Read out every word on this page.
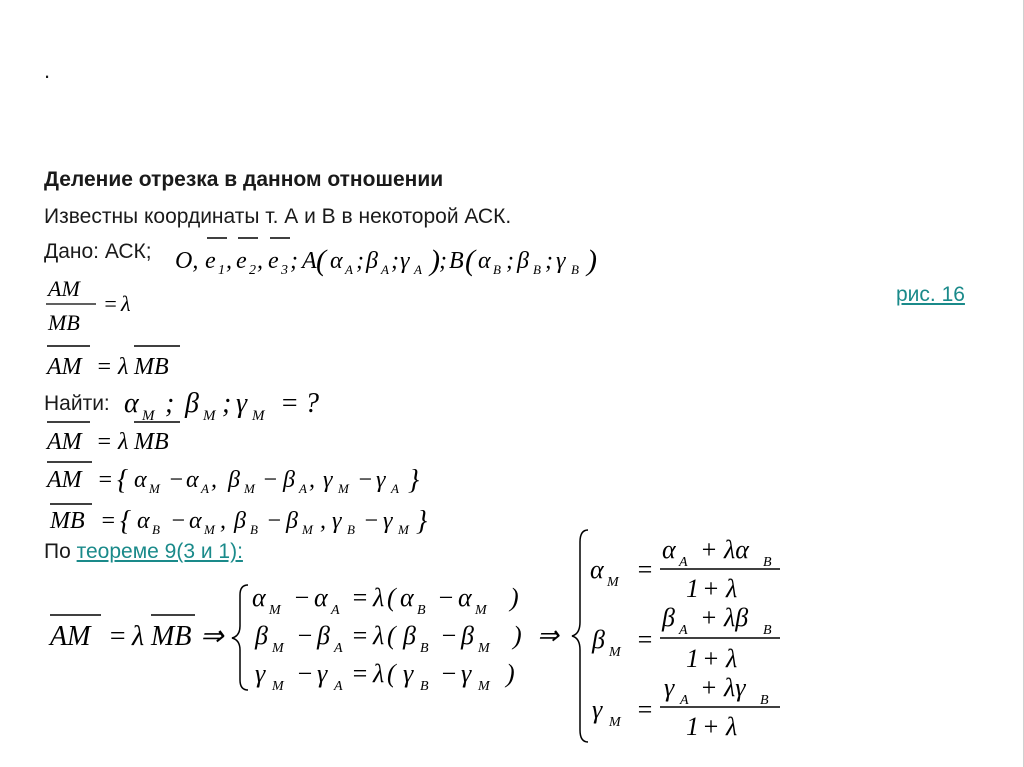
.
Деление отрезка в данном отношении
Известны координаты т. А и В в некоторой АСК.
Дано: АСК;
Найти:
По теореме 9(3 и 1):
рис. 16
O, e 1 , e 2 , e 3 ; A ( α A ; β A ; γ A ) ; B ( α B ; β B ; γ B )
AM
MB
= λ
AM = λ MB
α M ; β M ; γ M = ?
AM = λ MB
AM = { α M − α A , β M − β A , γ M − γ A }
MB = { α B − α M , β B − β M , γ B − γ M }
AM = λ MB ⇒
α M − α A = λ ( α B − α M )
β M − β A = λ ( β B − β M ) ⇒
γ M − γ A = λ ( γ B − γ M )
α M =
α A + λα B
1 + λ
β M =
β A + λβ B
1 + λ
γ M =
γ A + λγ B
1 + λ
